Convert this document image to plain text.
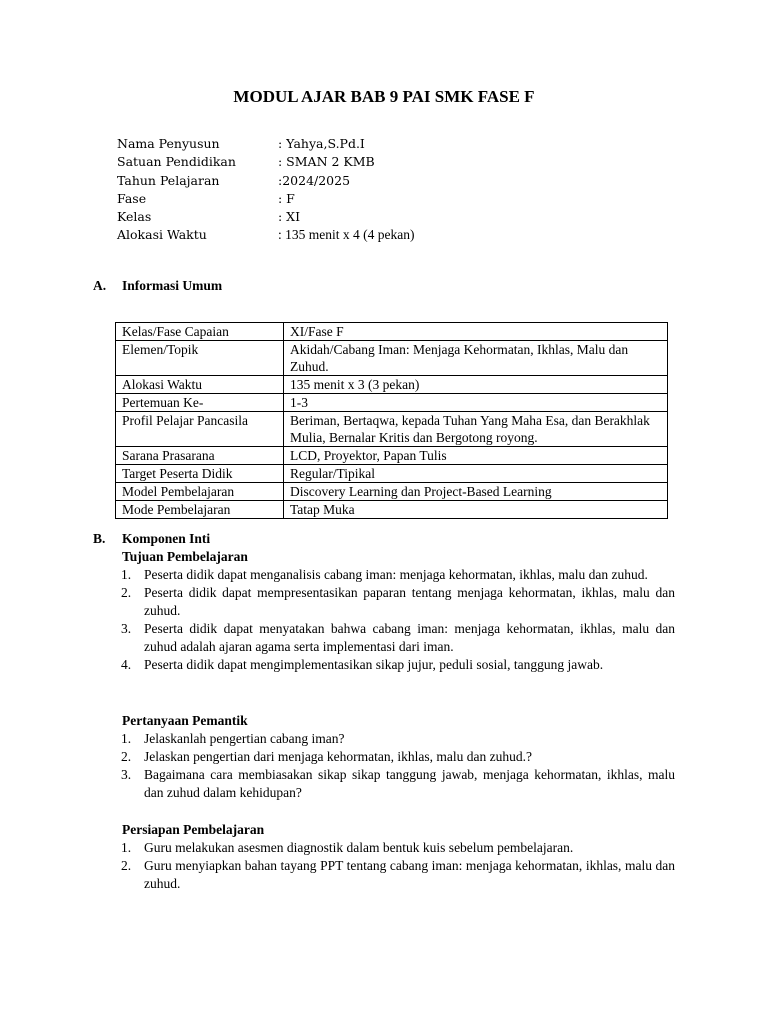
MODUL AJAR BAB 9 PAI SMK FASE F
Nama Penyusun	: Yahya,S.Pd.I
Satuan Pendidikan	: SMAN 2 KMB
Tahun Pelajaran	:2024/2025
Fase	: F
Kelas	: XI
Alokasi Waktu	: 135 menit x 4 (4 pekan)
A.	Informasi Umum
Kelas/Fase Capaian	XI/Fase F
Elemen/Topik	Akidah/Cabang Iman: Menjaga Kehormatan, Ikhlas, Malu dan Zuhud.
Alokasi Waktu	135 menit x 3 (3 pekan)
Pertemuan Ke-	1-3
Profil Pelajar Pancasila	Beriman, Bertaqwa, kepada Tuhan Yang Maha Esa, dan Berakhlak Mulia, Bernalar Kritis dan Bergotong royong.
Sarana Prasarana	LCD, Proyektor, Papan Tulis
Target Peserta Didik	Regular/Tipikal
Model Pembelajaran	Discovery Learning dan Project-Based Learning
Mode Pembelajaran	Tatap Muka
B.	Komponen Inti
Tujuan Pembelajaran
1. Peserta didik dapat menganalisis cabang iman: menjaga kehormatan, ikhlas, malu dan zuhud.
2. Peserta didik dapat mempresentasikan paparan tentang menjaga kehormatan, ikhlas, malu dan zuhud.
3. Peserta didik dapat menyatakan bahwa cabang iman: menjaga kehormatan, ikhlas, malu dan zuhud adalah ajaran agama serta implementasi dari iman.
4. Peserta didik dapat mengimplementasikan sikap jujur, peduli sosial, tanggung jawab.
Pertanyaan Pemantik
1. Jelaskanlah pengertian cabang iman?
2. Jelaskan pengertian dari menjaga kehormatan, ikhlas, malu dan zuhud.?
3. Bagaimana cara membiasakan sikap sikap tanggung jawab, menjaga kehormatan, ikhlas, malu dan zuhud dalam kehidupan?
Persiapan Pembelajaran
1. Guru melakukan asesmen diagnostik dalam bentuk kuis sebelum pembelajaran.
2. Guru menyiapkan bahan tayang PPT tentang cabang iman: menjaga kehormatan, ikhlas, malu dan zuhud.
